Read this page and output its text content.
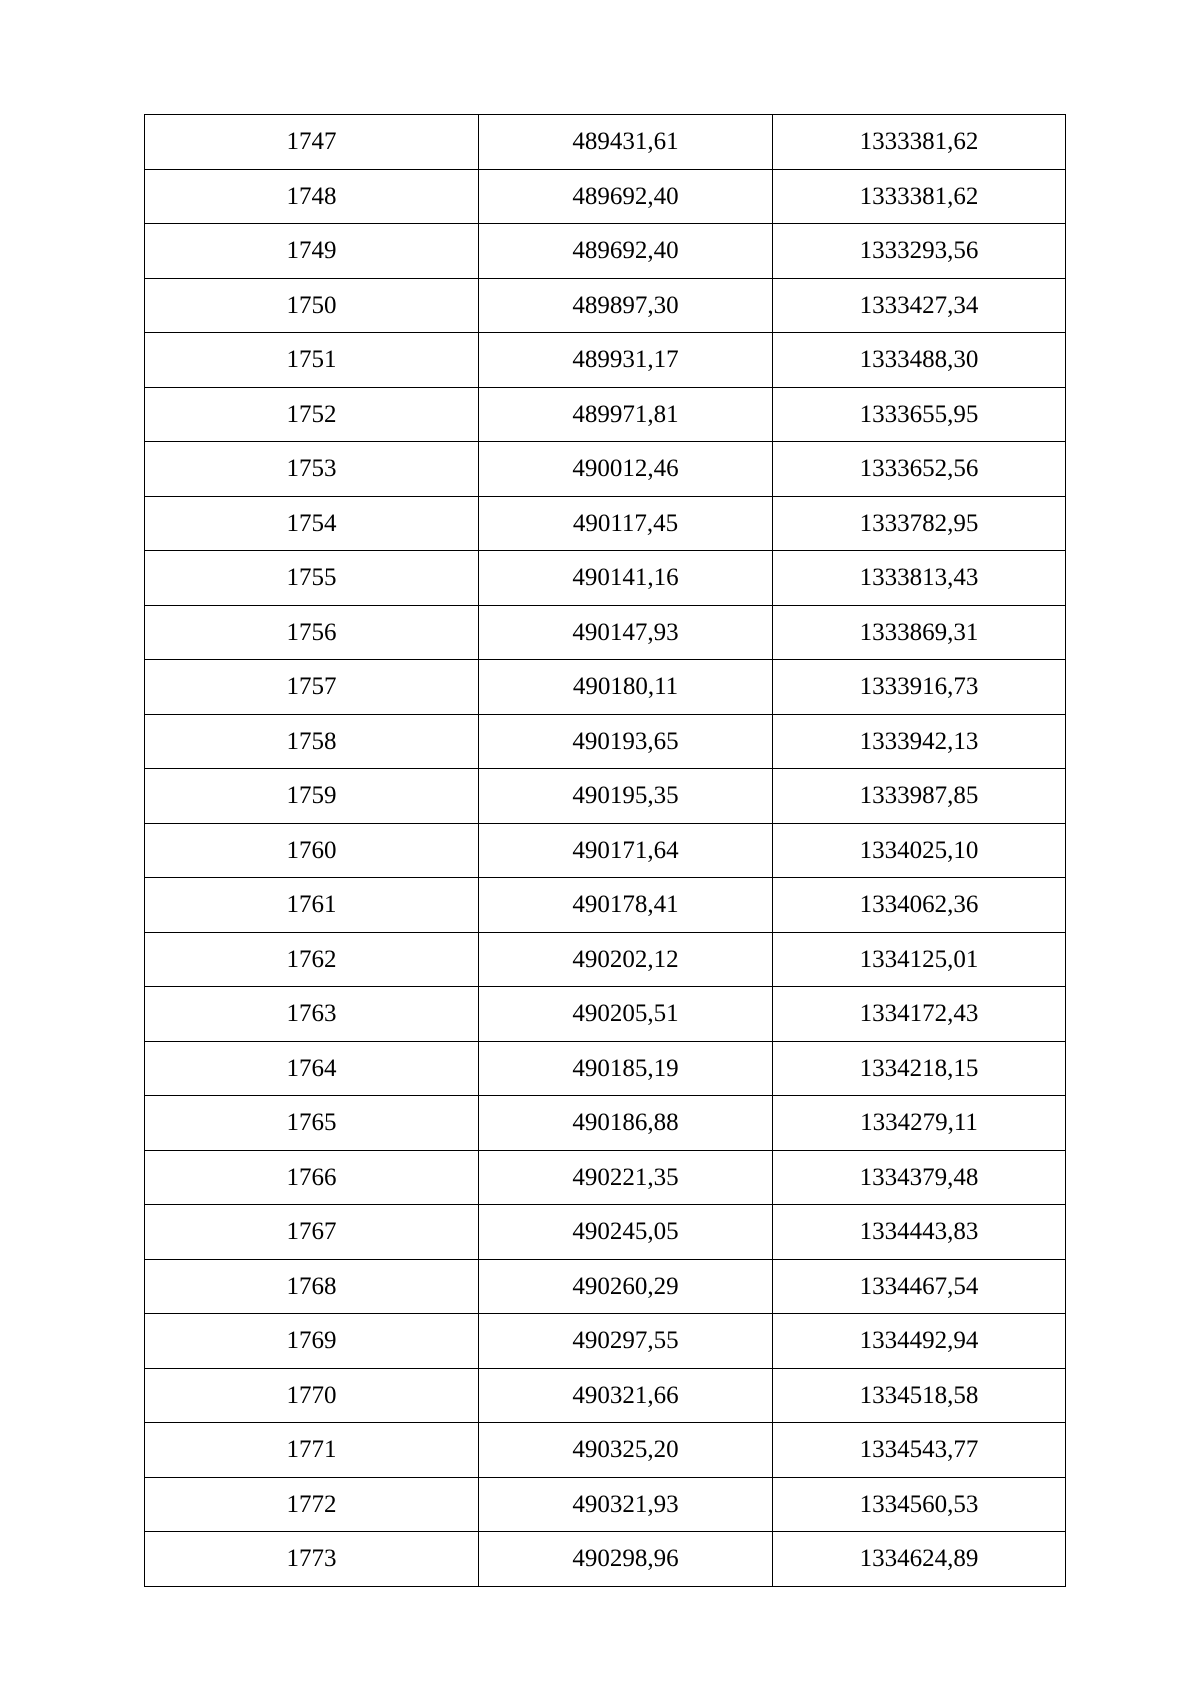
1747	489431,61	1333381,62
1748	489692,40	1333381,62
1749	489692,40	1333293,56
1750	489897,30	1333427,34
1751	489931,17	1333488,30
1752	489971,81	1333655,95
1753	490012,46	1333652,56
1754	490117,45	1333782,95
1755	490141,16	1333813,43
1756	490147,93	1333869,31
1757	490180,11	1333916,73
1758	490193,65	1333942,13
1759	490195,35	1333987,85
1760	490171,64	1334025,10
1761	490178,41	1334062,36
1762	490202,12	1334125,01
1763	490205,51	1334172,43
1764	490185,19	1334218,15
1765	490186,88	1334279,11
1766	490221,35	1334379,48
1767	490245,05	1334443,83
1768	490260,29	1334467,54
1769	490297,55	1334492,94
1770	490321,66	1334518,58
1771	490325,20	1334543,77
1772	490321,93	1334560,53
1773	490298,96	1334624,89
